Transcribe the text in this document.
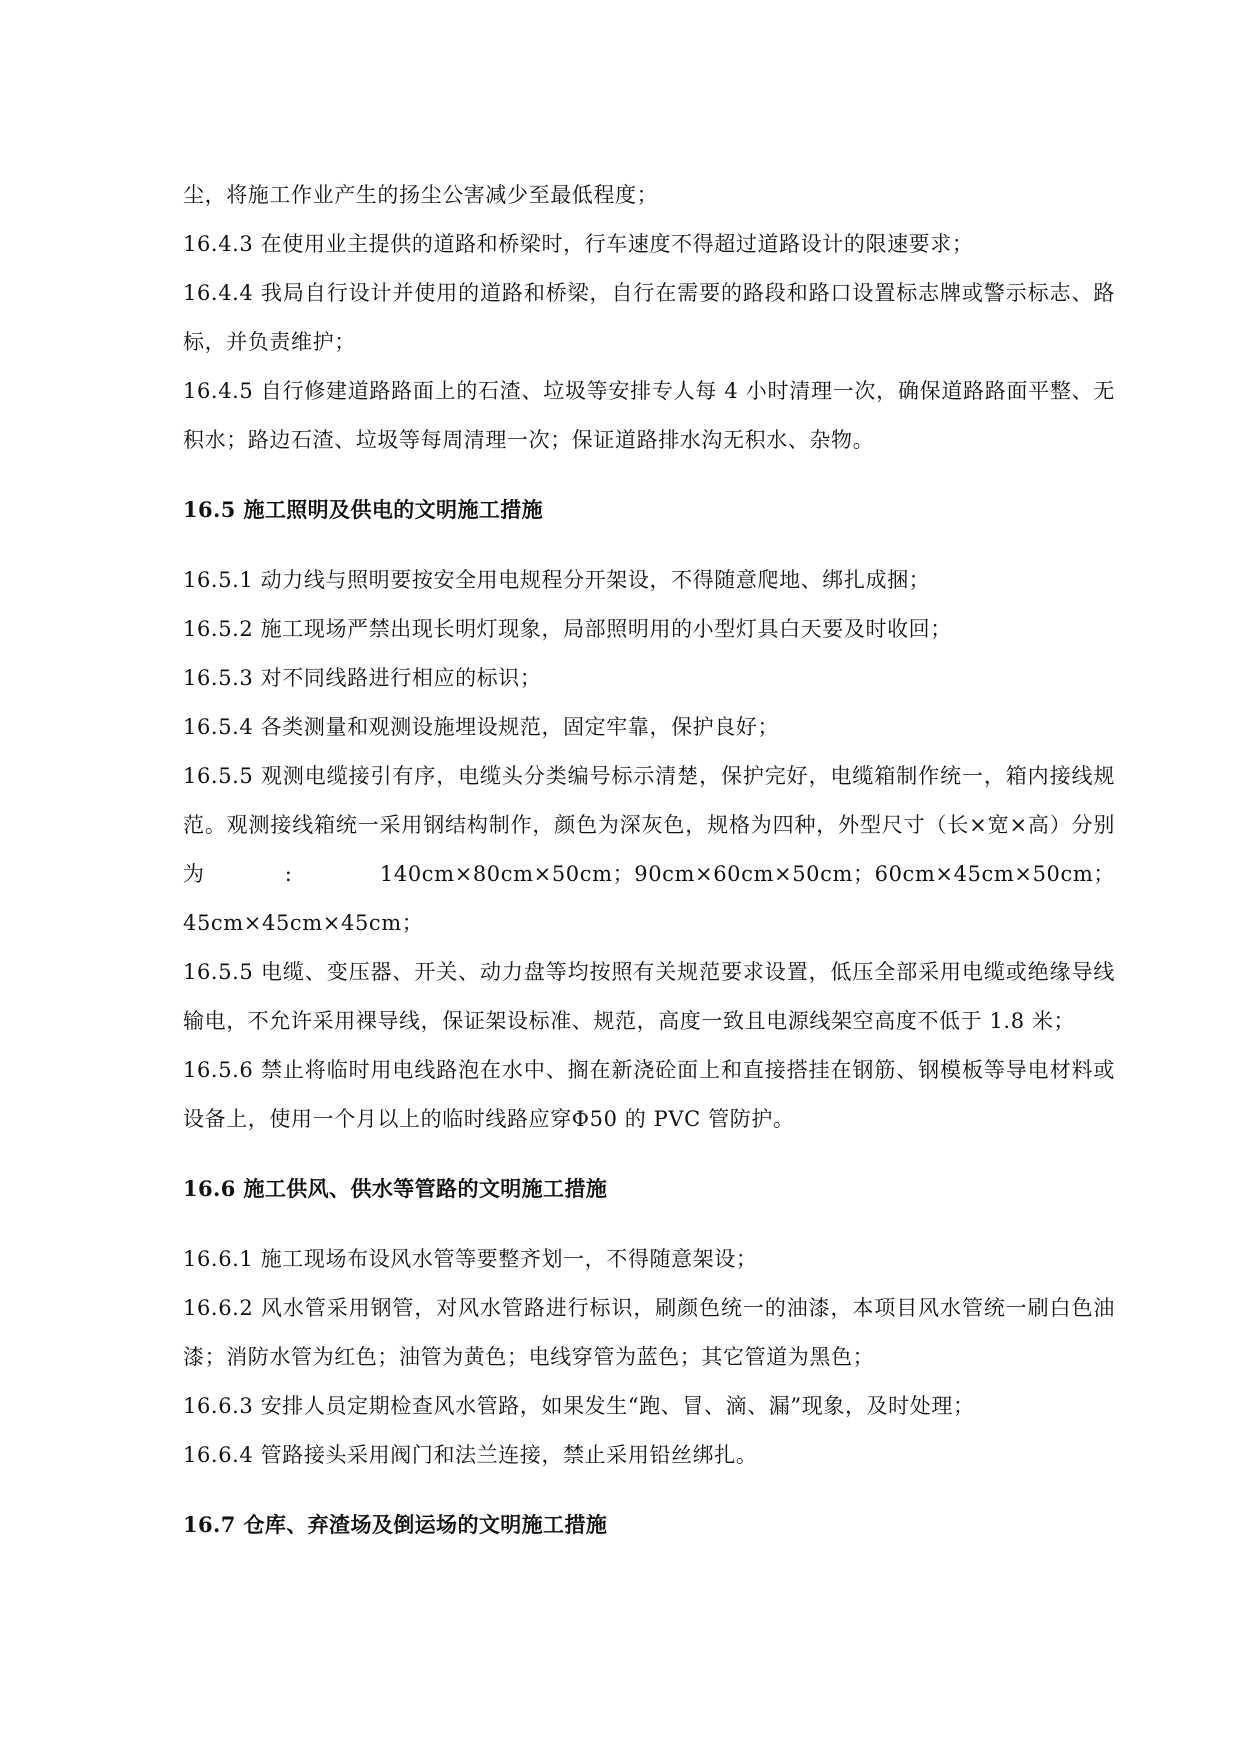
尘，将施工作业产生的扬尘公害减少至最低程度；

16.4.3 在使用业主提供的道路和桥梁时，行车速度不得超过道路设计的限速要求；

16.4.4 我局自行设计并使用的道路和桥梁，自行在需要的路段和路口设置标志牌或警示标志、路标，并负责维护；

16.4.5 自行修建道路路面上的石渣、垃圾等安排专人每 4 小时清理一次，确保道路路面平整、无积水；路边石渣、垃圾等每周清理一次；保证道路排水沟无积水、杂物。

16.5 施工照明及供电的文明施工措施

16.5.1 动力线与照明要按安全用电规程分开架设，不得随意爬地、绑扎成捆；

16.5.2 施工现场严禁出现长明灯现象，局部照明用的小型灯具白天要及时收回；

16.5.3 对不同线路进行相应的标识；

16.5.4 各类测量和观测设施埋设规范，固定牢靠，保护良好；

16.5.5 观测电缆接引有序，电缆头分类编号标示清楚，保护完好，电缆箱制作统一，箱内接线规范。观测接线箱统一采用钢结构制作，颜色为深灰色，规格为四种，外型尺寸（长×宽×高）分别为: 140cm×80cm×50cm；90cm×60cm×50cm；60cm×45cm×50cm；45cm×45cm×45cm；

16.5.5 电缆、变压器、开关、动力盘等均按照有关规范要求设置，低压全部采用电缆或绝缘导线输电，不允许采用裸导线，保证架设标准、规范，高度一致且电源线架空高度不低于 1.8 米；

16.5.6 禁止将临时用电线路泡在水中、搁在新浇砼面上和直接搭挂在钢筋、钢模板等导电材料或设备上，使用一个月以上的临时线路应穿Φ50 的 PVC 管防护。

16.6 施工供风、供水等管路的文明施工措施

16.6.1 施工现场布设风水管等要整齐划一，不得随意架设；

16.6.2 风水管采用钢管，对风水管路进行标识，刷颜色统一的油漆，本项目风水管统一刷白色油漆；消防水管为红色；油管为黄色；电线穿管为蓝色；其它管道为黑色；

16.6.3 安排人员定期检查风水管路，如果发生“跑、冒、滴、漏”现象，及时处理；

16.6.4 管路接头采用阀门和法兰连接，禁止采用铅丝绑扎。

16.7 仓库、弃渣场及倒运场的文明施工措施
